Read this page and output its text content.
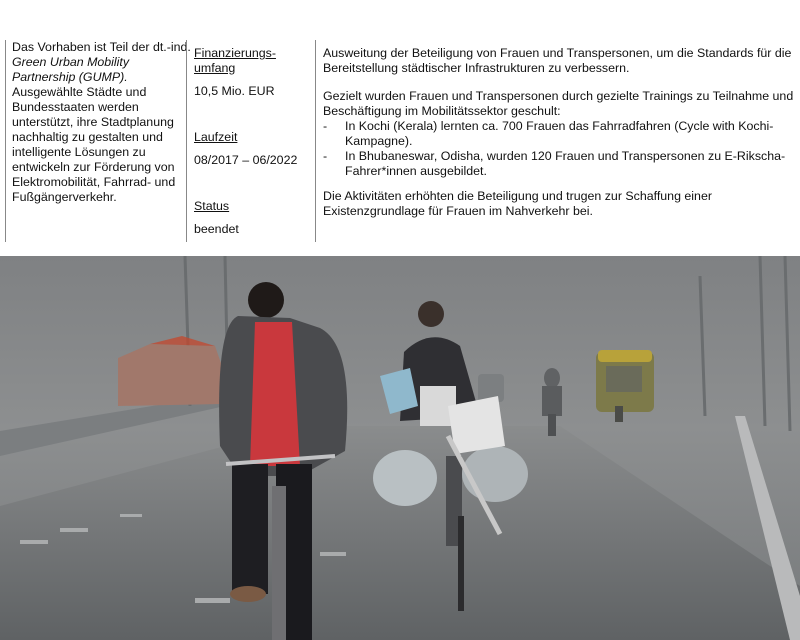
Das Vorhaben ist Teil der dt.-ind. Green Urban Mobility Partnership (GUMP). Ausgewählte Städte und Bundesstaaten werden unterstützt, ihre Stadtplanung nachhaltig zu gestalten und intelligente Lösungen zu entwickeln zur Förderung von Elektromobilität, Fahrrad- und Fußgängerverkehr.
Finanzierungs-
umfang
10,5 Mio. EUR
Laufzeit
08/2017 – 06/2022
Status
beendet

Ausweitung der Beteiligung von Frauen und Transpersonen, um die Standards für die Bereitstellung städtischer Infrastrukturen zu verbessern.

Gezielt wurden Frauen und Transpersonen durch gezielte Trainings zu Teilnahme und Beschäftigung im Mobilitätssektor geschult:

- In Kochi (Kerala) lernten ca. 700 Frauen das Fahrradfahren (Cycle with Kochi-Kampagne).
- In Bhubaneswar, Odisha, wurden 120 Frauen und Transpersonen zu E-Rikscha-Fahrer*innen ausgebildet.

Die Aktivitäten erhöhten die Beteiligung und trugen zur Schaffung einer Existenzgrundlage für Frauen im Nahverkehr bei.
